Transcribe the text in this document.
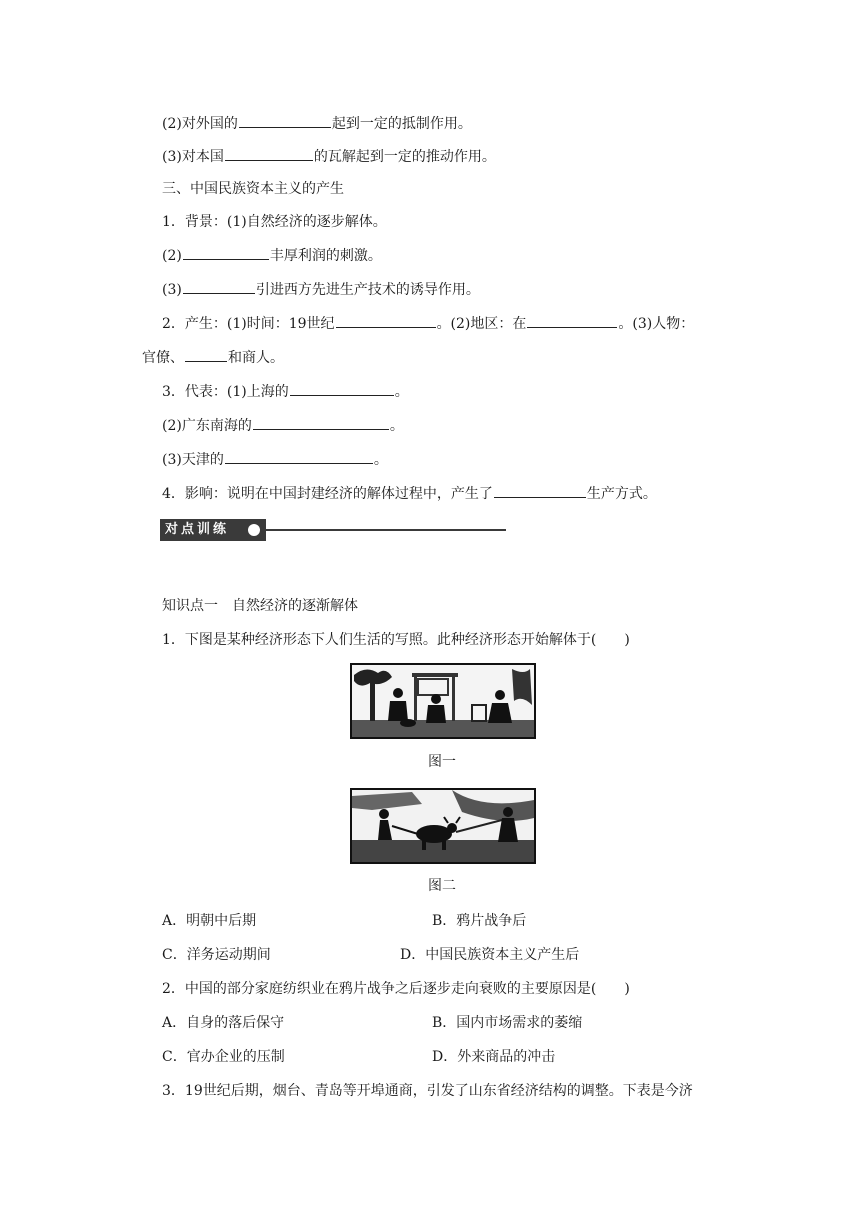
(2)对外国的	起到一定的抵制作用。
(3)对本国	的瓦解起到一定的推动作用。
三、中国民族资本主义的产生
1．背景：(1)自然经济的逐步解体。
(2)	丰厚利润的刺激。
(3)	引进西方先进生产技术的诱导作用。
2．产生：(1)时间：19世纪	。(2)地区：在	。(3)人物：
官僚、	和商人。
3．代表：(1)上海的	。
(2)广东南海的	。
(3)天津的	。
4．影响：说明在中国封建经济的解体过程中，产生了	生产方式。
对点训练
知识点一　自然经济的逐渐解体
1．下图是某种经济形态下人们生活的写照。此种经济形态开始解体于(　　)
图一
图二
A．明朝中后期	B．鸦片战争后
C．洋务运动期间	D．中国民族资本主义产生后
2．中国的部分家庭纺织业在鸦片战争之后逐步走向衰败的主要原因是(　　)
A．自身的落后保守	B．国内市场需求的萎缩
C．官办企业的压制	D．外来商品的冲击
3．19世纪后期，烟台、青岛等开埠通商，引发了山东省经济结构的调整。下表是今济
